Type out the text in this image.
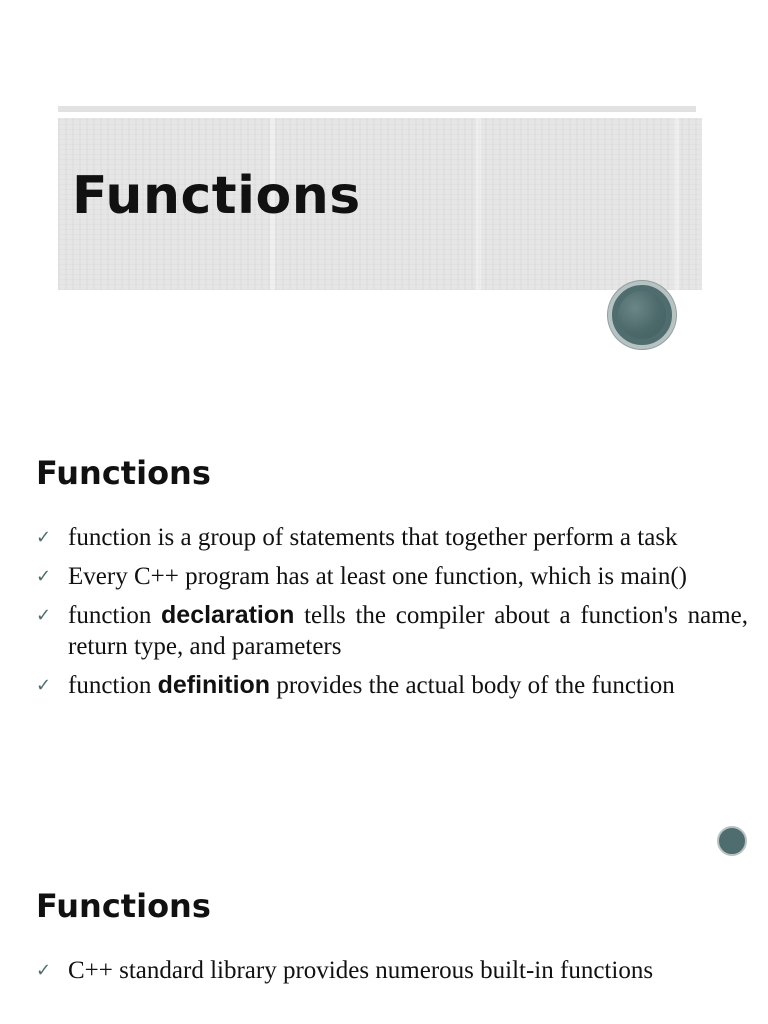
Functions
Functions
✓ function is a group of statements that together perform a task
✓ Every C++ program has at least one function, which is main()
✓ function declaration tells the compiler about a function's name, return type, and parameters
✓ function definition provides the actual body of the function
Functions
✓ C++ standard library provides numerous built-in functions
